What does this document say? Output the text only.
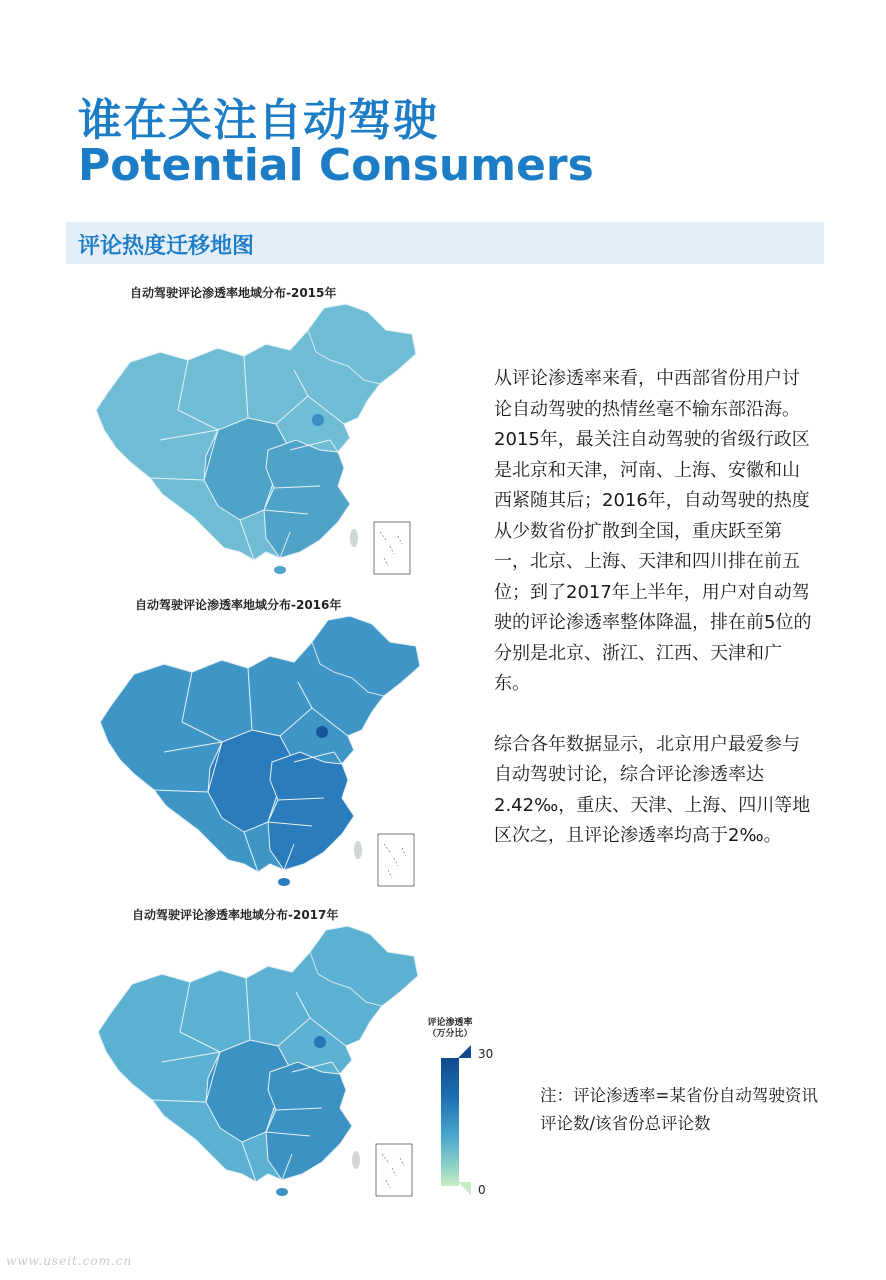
谁在关注自动驾驶
Potential Consumers
评论热度迁移地图
自动驾驶评论渗透率地域分布-2015年
自动驾驶评论渗透率地域分布-2016年
自动驾驶评论渗透率地域分布-2017年

从评论渗透率来看，中西部省份用户讨论自动驾驶的热情丝毫不输东部沿海。2015年，最关注自动驾驶的省级行政区是北京和天津，河南、上海、安徽和山西紧随其后；2016年，自动驾驶的热度从少数省份扩散到全国，重庆跃至第一，北京、上海、天津和四川排在前五位；到了2017年上半年，用户对自动驾驶的评论渗透率整体降温，排在前5位的分别是北京、浙江、江西、天津和广东。

综合各年数据显示，北京用户最爱参与自动驾驶讨论，综合评论渗透率达2.42‰，重庆、天津、上海、四川等地区次之，且评论渗透率均高于2‰。

评论渗透率
（万分比）
30
0
注：评论渗透率=某省份自动驾驶资讯评论数/该省份总评论数
www.useit.com.cn
